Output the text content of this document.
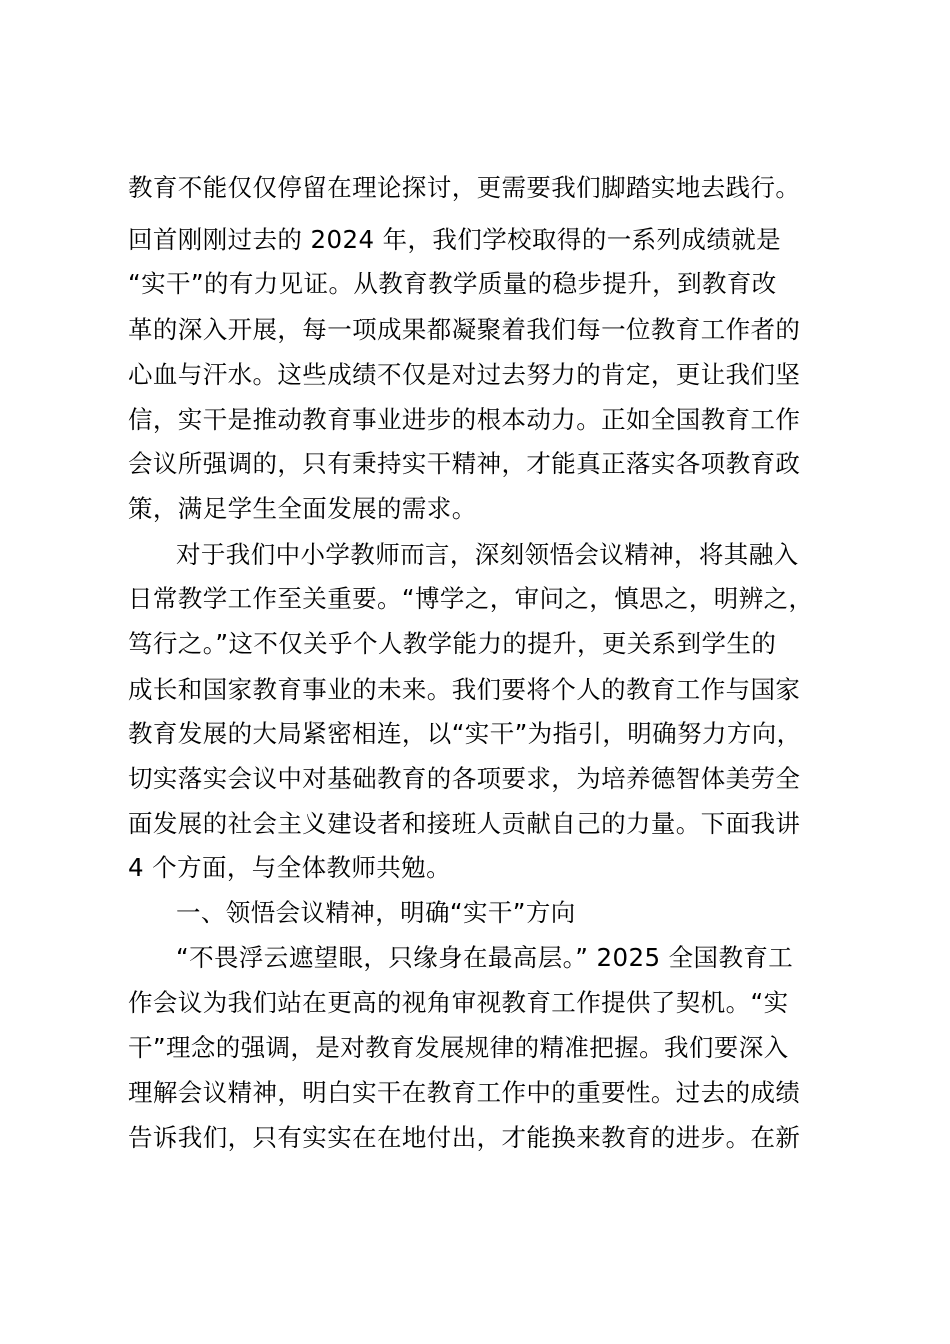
教育不能仅仅停留在理论探讨，更需要我们脚踏实地去践行。
回首刚刚过去的 2024 年，我们学校取得的一系列成绩就是
“实干”的有力见证。从教育教学质量的稳步提升，到教育改
革的深入开展，每一项成果都凝聚着我们每一位教育工作者的
心血与汗水。这些成绩不仅是对过去努力的肯定，更让我们坚
信，实干是推动教育事业进步的根本动力。正如全国教育工作
会议所强调的，只有秉持实干精神，才能真正落实各项教育政
策，满足学生全面发展的需求。
对于我们中小学教师而言，深刻领悟会议精神，将其融入
日常教学工作至关重要。“博学之，审问之，慎思之，明辨之，
笃行之。”这不仅关乎个人教学能力的提升，更关系到学生的
成长和国家教育事业的未来。我们要将个人的教育工作与国家
教育发展的大局紧密相连，以“实干”为指引，明确努力方向，
切实落实会议中对基础教育的各项要求，为培养德智体美劳全
面发展的社会主义建设者和接班人贡献自己的力量。下面我讲
4 个方面，与全体教师共勉。
一、领悟会议精神，明确“实干”方向
“不畏浮云遮望眼，只缘身在最高层。” 2025 全国教育工
作会议为我们站在更高的视角审视教育工作提供了契机。“实
干”理念的强调，是对教育发展规律的精准把握。我们要深入
理解会议精神，明白实干在教育工作中的重要性。过去的成绩
告诉我们，只有实实在在地付出，才能换来教育的进步。在新
